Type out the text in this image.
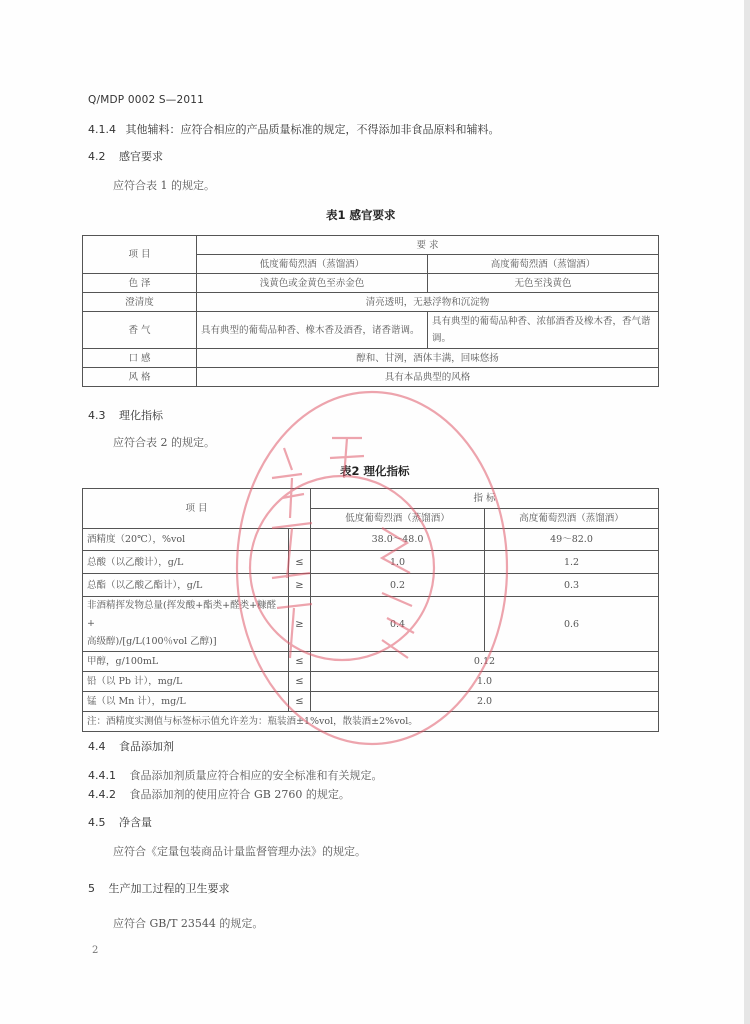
Q/MDP 0002 S—2011
4.1.4 其他辅料：应符合相应的产品质量标准的规定，不得添加非食品原料和辅料。
4.2 感官要求
应符合表 1 的规定。
表1 感官要求
项 目	要 求	
	低度葡萄烈酒（蒸馏酒）	高度葡萄烈酒（蒸馏酒）
色 泽	浅黄色或金黄色至赤金色	无色至浅黄色
澄清度	清亮透明，无悬浮物和沉淀物	
香 气	具有典型的葡萄品种香、橡木香及酒香，诸香谐调。	具有典型的葡萄品种香、浓郁酒香及橡木香，香气谐调。
口 感	醇和、甘洌，酒体丰满，回味悠扬	
风 格	具有本品典型的风格	
4.3 理化指标
应符合表 2 的规定。
表2 理化指标
项 目		指 标	
		低度葡萄烈酒（蒸馏酒）	高度葡萄烈酒（蒸馏酒）
酒精度（20℃），%vol		38.0～48.0	49～82.0
总酸（以乙酸计），g/L	≤	1.0	1.2
总酯（以乙酸乙酯计），g/L	≥	0.2	0.3

非酒精挥发物总量(挥发酸+酯类+醛类+糠醛+
高级醇)/[g/L(100％vol 乙醇)]	≥	0.4	0.6
甲醇，g/100mL	≤	0.12	
铅（以 Pb 计），mg/L	≤	1.0	
锰（以 Mn 计），mg/L	≤	2.0	
注：酒精度实测值与标签标示值允许差为：瓶装酒±1%vol，散装酒±2%vol。			
4.4 食品添加剂
4.4.1 食品添加剂质量应符合相应的安全标准和有关规定。
4.4.2 食品添加剂的使用应符合 GB 2760 的规定。
4.5 净含量
应符合《定量包装商品计量监督管理办法》的规定。
5 生产加工过程的卫生要求
应符合 GB/T 23544 的规定。
2
